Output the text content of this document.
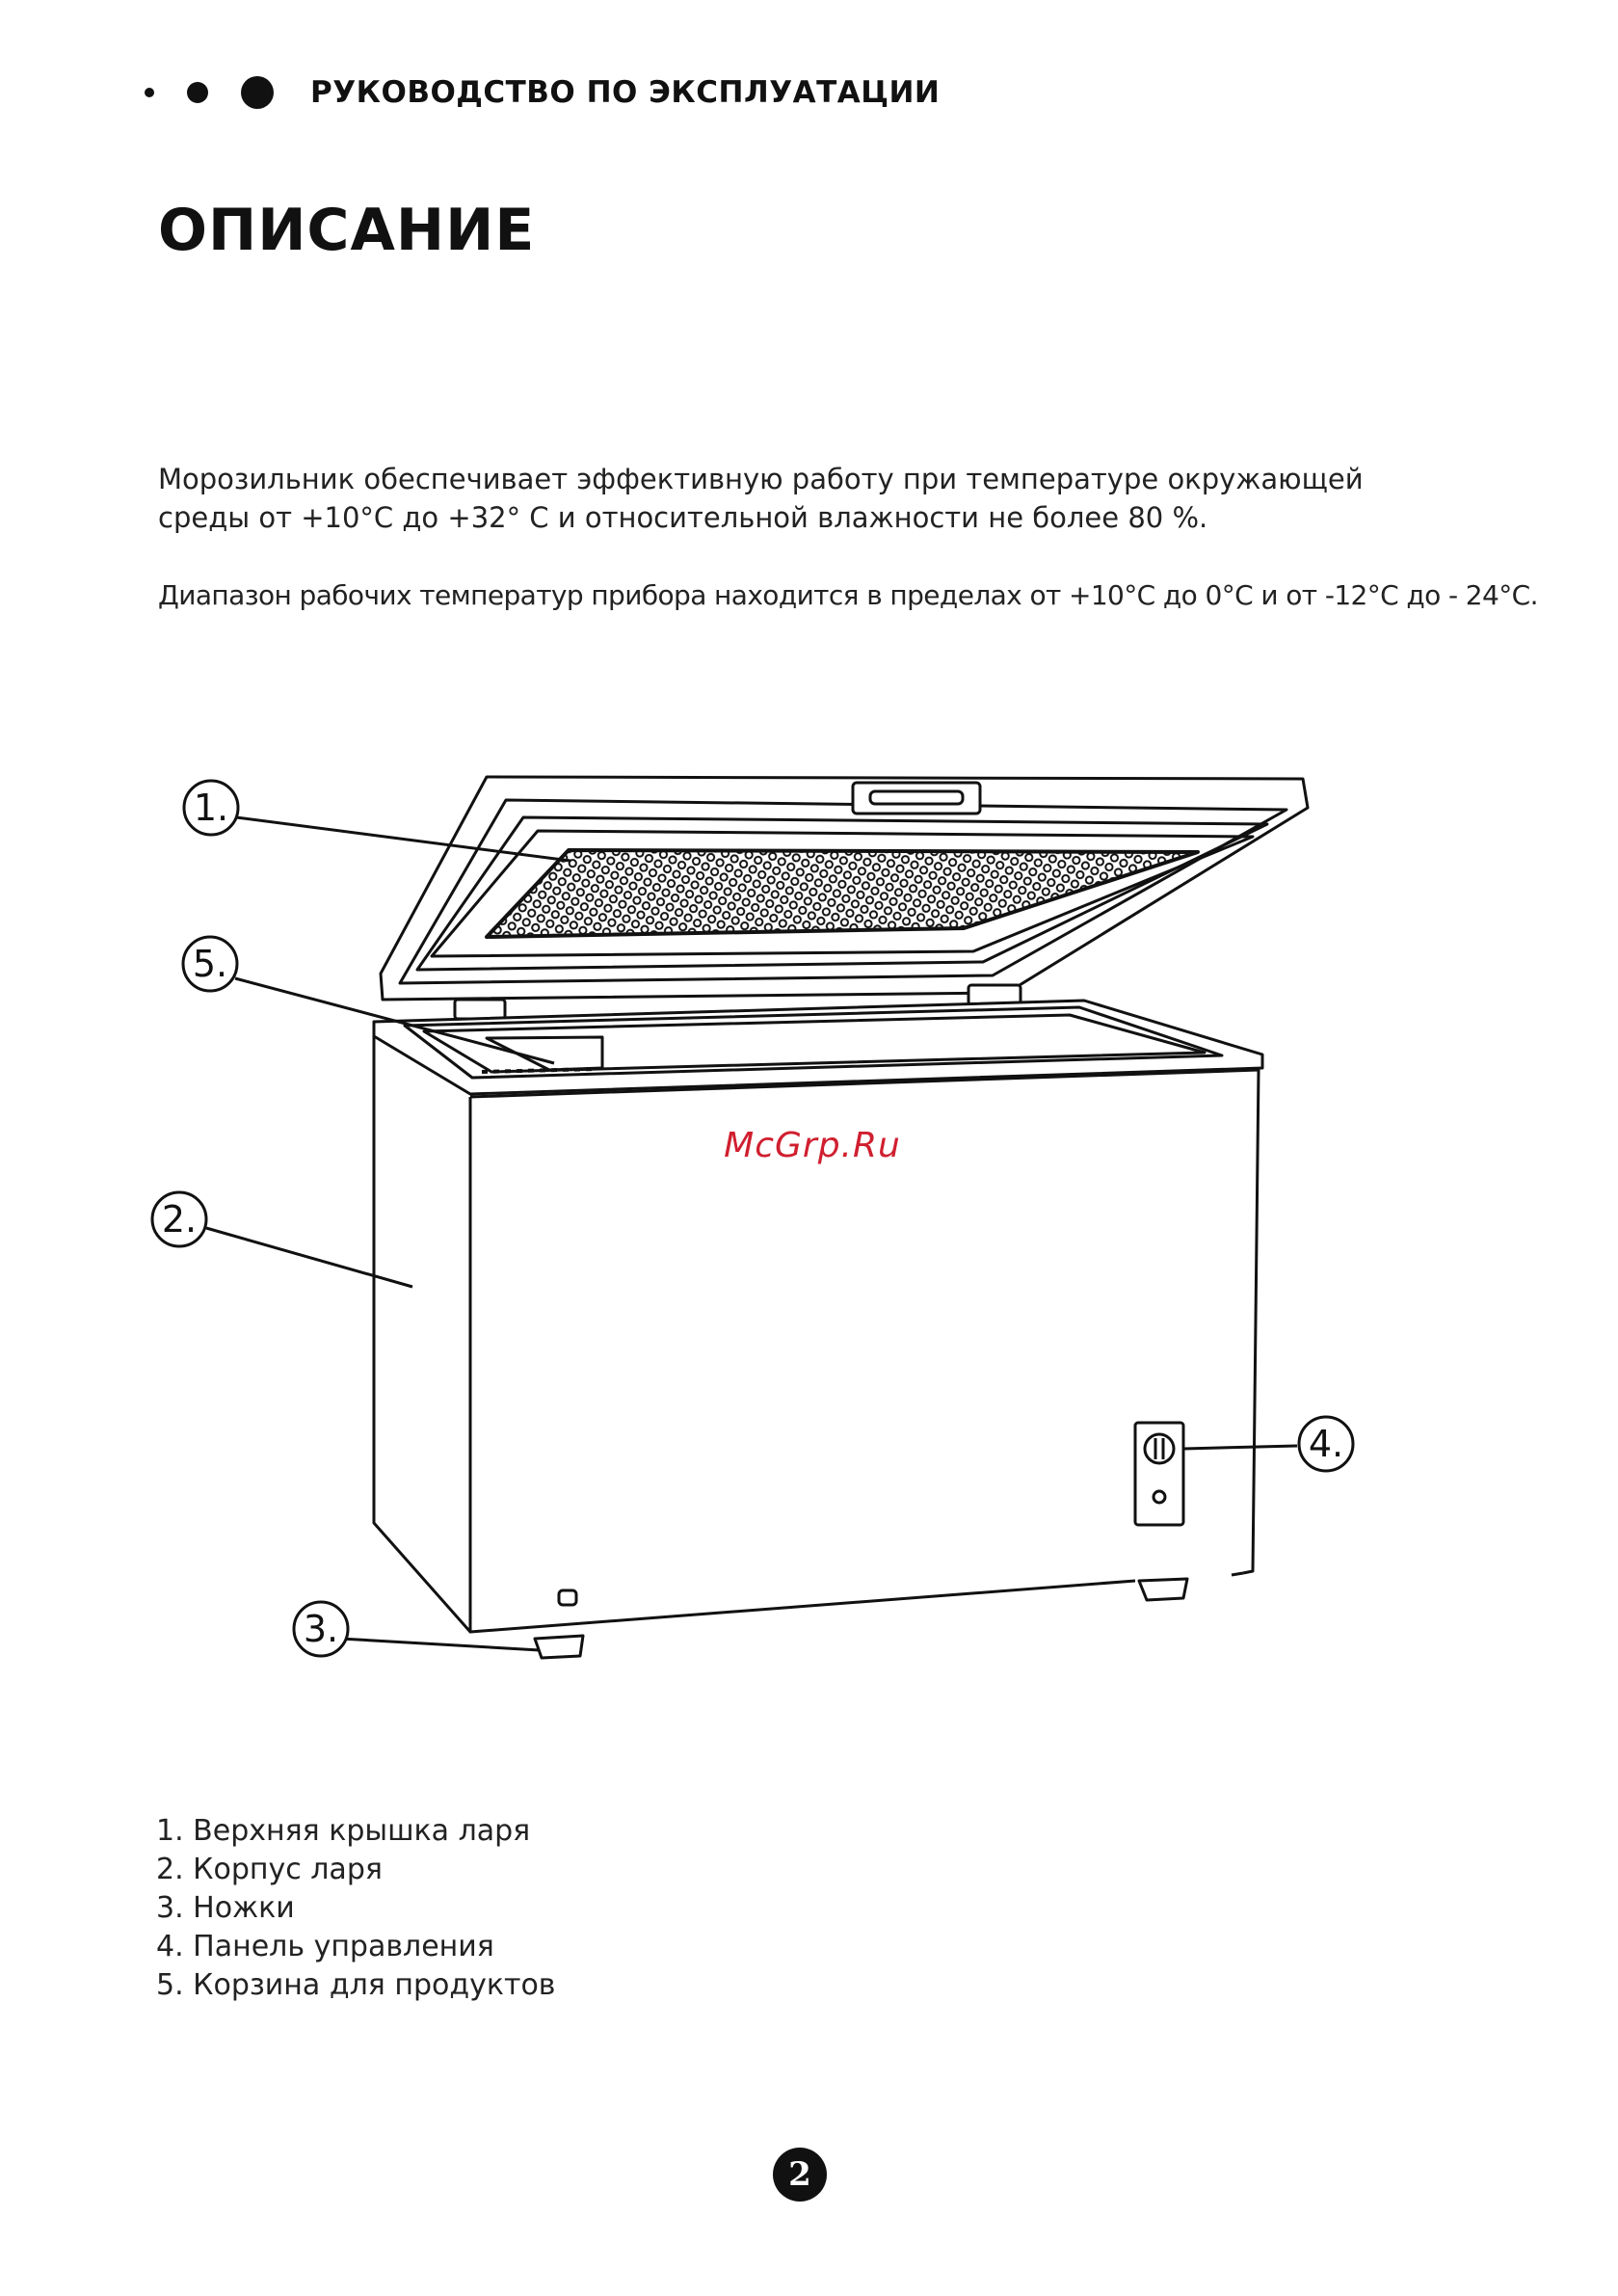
РУКОВОДСТВО ПО ЭКСПЛУАТАЦИИ
ОПИСАНИЕ

Морозильник обеспечивает эффективную работу при температуре окружающей среды от +10°С до +32° С и относительной влажности не более 80 %.

Диапазон рабочих температур прибора находится в пределах от +10°С до 0°С и от -12°С до - 24°С.

1.
5.
2.
3.
4.
McGrp.Ru
1. Верхняя крышка ларя
2. Корпус ларя
3. Ножки
4. Панель управления
5. Корзина для продуктов
2
